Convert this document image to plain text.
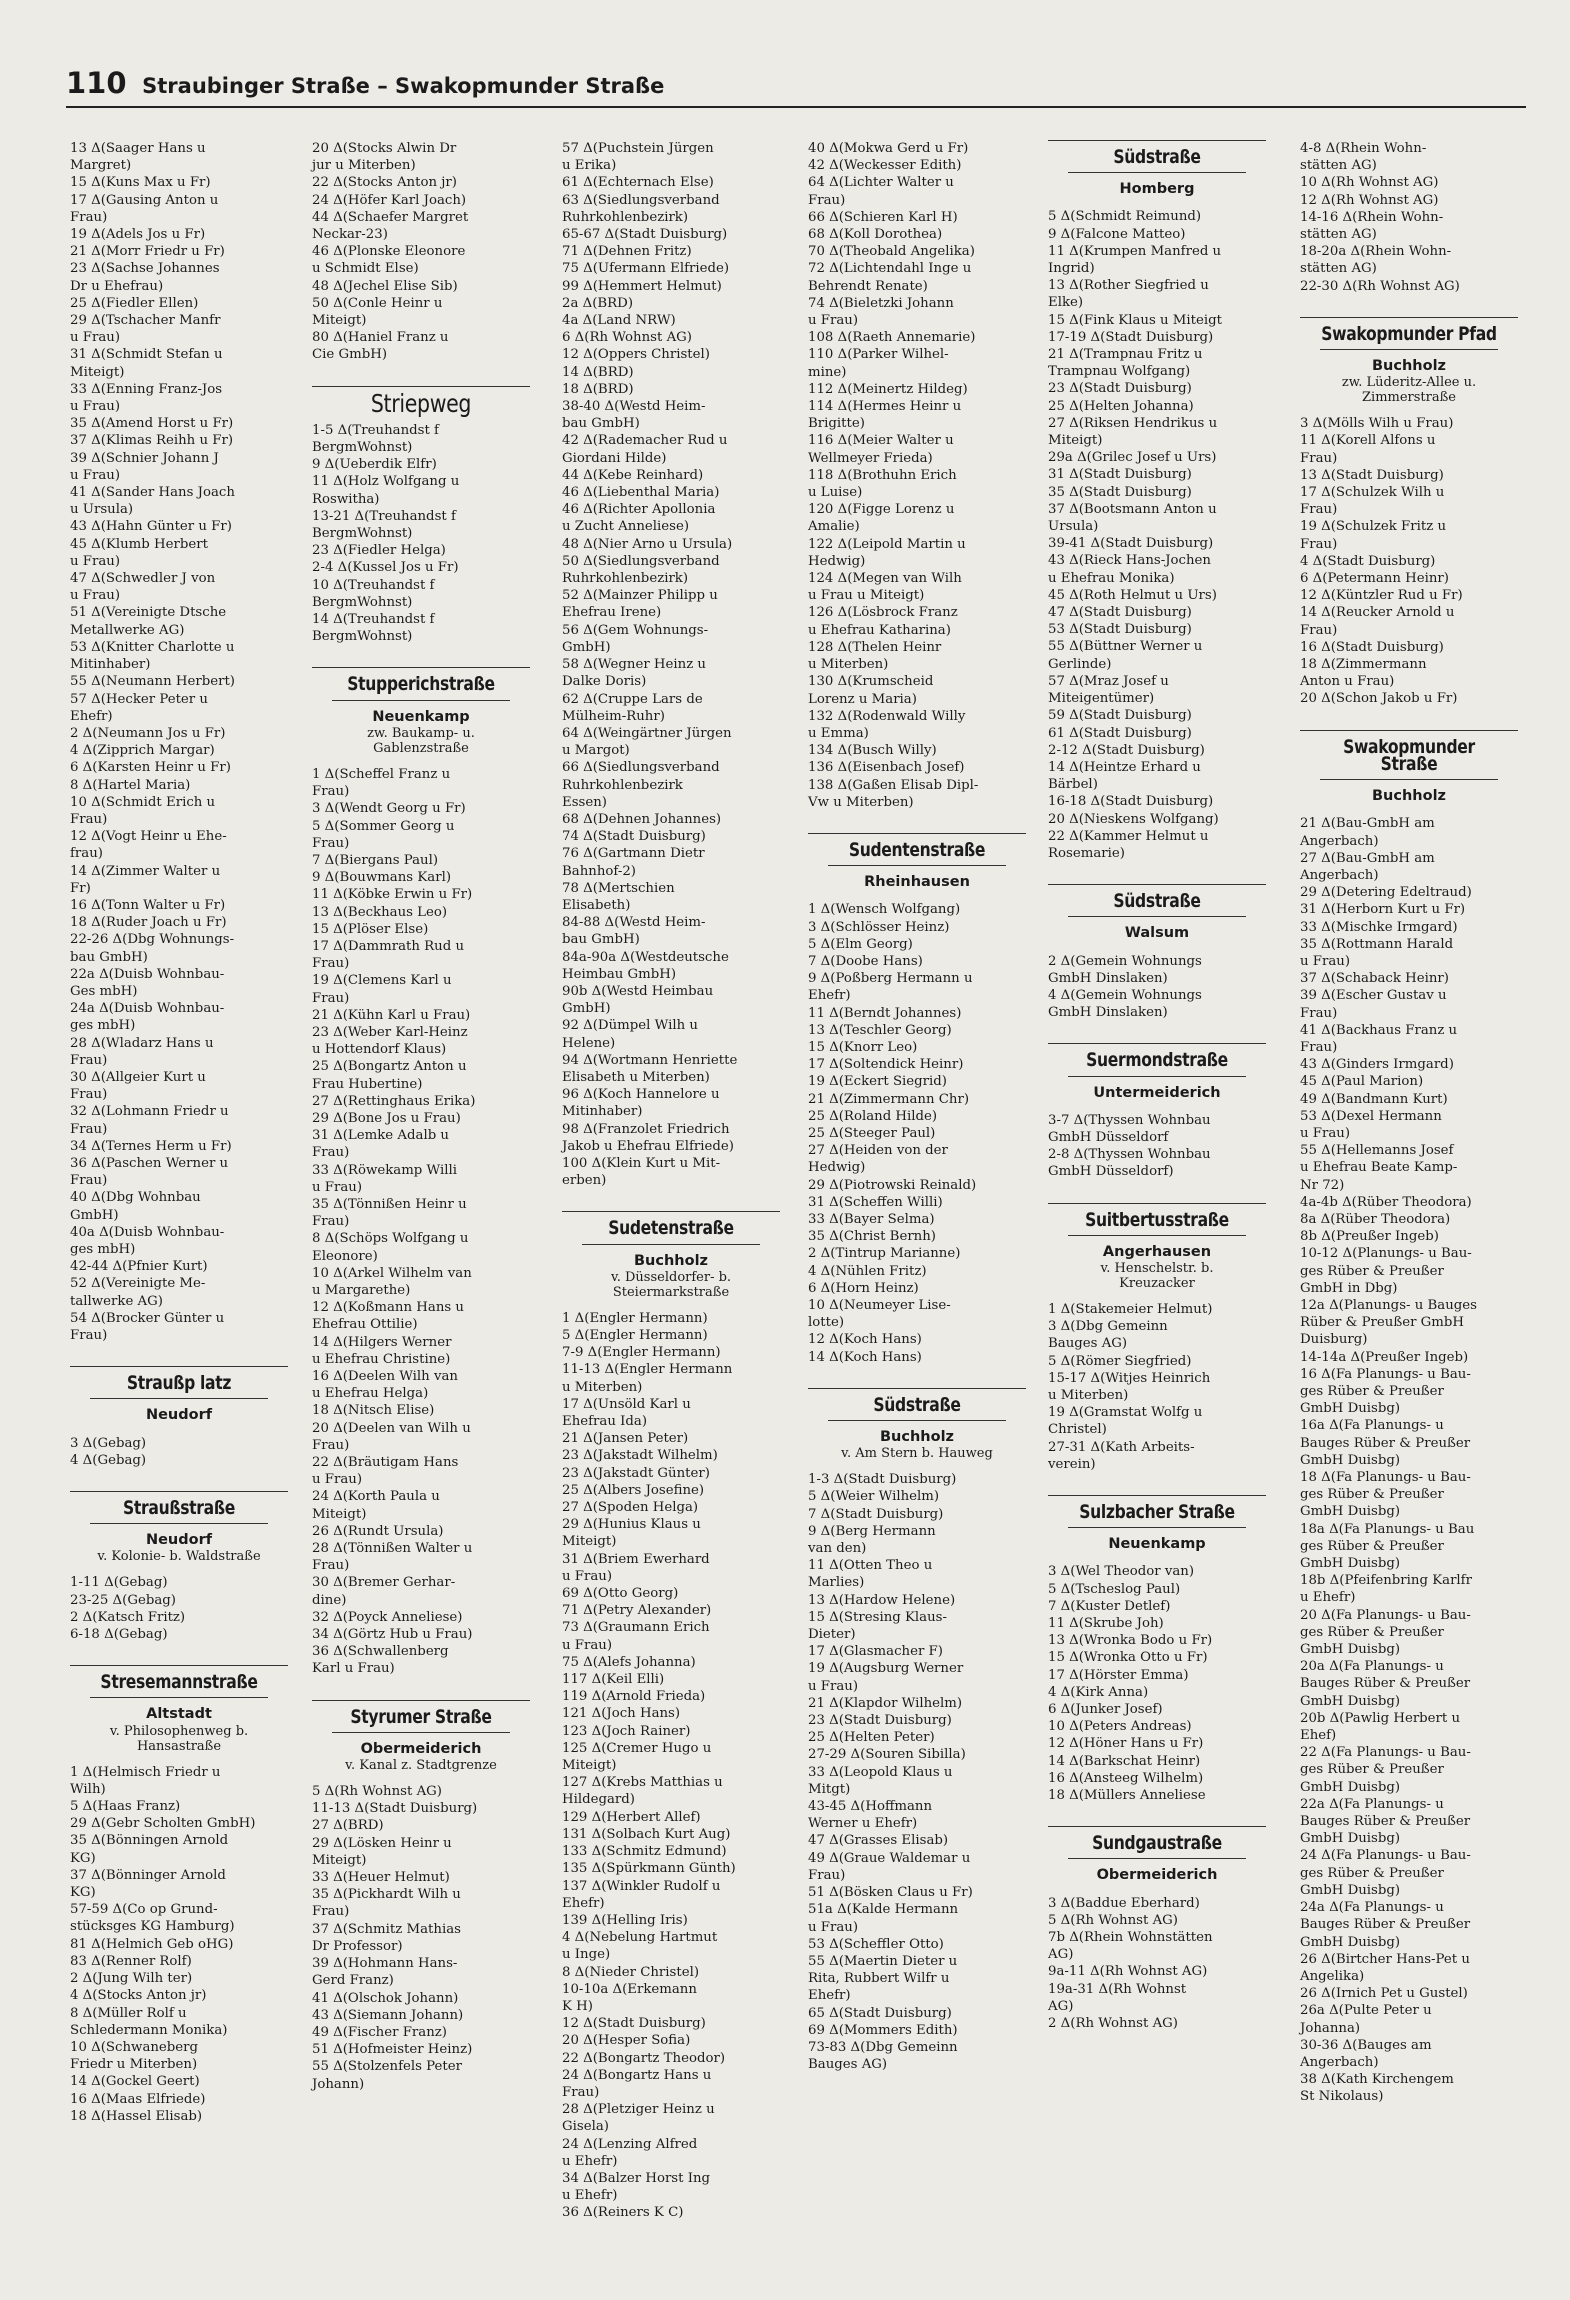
110 Straubinger Straße – Swakopmunder Straße
13 Δ(Saager Hans u
Margret)
15 Δ(Kuns Max u Fr)
17 Δ(Gausing Anton u
Frau)
19 Δ(Adels Jos u Fr)
21 Δ(Morr Friedr u Fr)
23 Δ(Sachse Johannes
Dr u Ehefrau)
25 Δ(Fiedler Ellen)
29 Δ(Tschacher Manfr
u Frau)
31 Δ(Schmidt Stefan u
Miteigt)
33 Δ(Enning Franz-Jos
u Frau)
35 Δ(Amend Horst u Fr)
37 Δ(Klimas Reihh u Fr)
39 Δ(Schnier Johann J
u Frau)
41 Δ(Sander Hans Joach
u Ursula)
43 Δ(Hahn Günter u Fr)
45 Δ(Klumb Herbert
u Frau)
47 Δ(Schwedler J von
u Frau)
51 Δ(Vereinigte Dtsche
Metallwerke AG)
53 Δ(Knitter Charlotte u
Mitinhaber)
55 Δ(Neumann Herbert)
57 Δ(Hecker Peter u
Ehefr)
2 Δ(Neumann Jos u Fr)
4 Δ(Zipprich Margar)
6 Δ(Karsten Heinr u Fr)
8 Δ(Hartel Maria)
10 Δ(Schmidt Erich u
Frau)
12 Δ(Vogt Heinr u Ehe-
frau)
14 Δ(Zimmer Walter u
Fr)
16 Δ(Tonn Walter u Fr)
18 Δ(Ruder Joach u Fr)
22-26 Δ(Dbg Wohnungs-
bau GmbH)
22a Δ(Duisb Wohnbau-
Ges mbH)
24a Δ(Duisb Wohnbau-
ges mbH)
28 Δ(Wladarz Hans u
Frau)
30 Δ(Allgeier Kurt u
Frau)
32 Δ(Lohmann Friedr u
Frau)
34 Δ(Ternes Herm u Fr)
36 Δ(Paschen Werner u
Frau)
40 Δ(Dbg Wohnbau
GmbH)
40a Δ(Duisb Wohnbau-
ges mbH)
42-44 Δ(Pfnier Kurt)
52 Δ(Vereinigte Me-
tallwerke AG)
54 Δ(Brocker Günter u
Frau)
Straußp latz
Neudorf
3 Δ(Gebag)
4 Δ(Gebag)
Straußstraße
Neudorf
v. Kolonie- b. Waldstraße
1-11 Δ(Gebag)
23-25 Δ(Gebag)
2 Δ(Katsch Fritz)
6-18 Δ(Gebag)
Stresemannstraße
Altstadt
v. Philosophenweg b.
Hansastraße
1 Δ(Helmisch Friedr u
Wilh)
5 Δ(Haas Franz)
29 Δ(Gebr Scholten GmbH)
35 Δ(Bönningen Arnold
KG)
37 Δ(Bönninger Arnold
KG)
57-59 Δ(Co op Grund-
stücksges KG Hamburg)
81 Δ(Helmich Geb oHG)
83 Δ(Renner Rolf)
2 Δ(Jung Wilh ter)
4 Δ(Stocks Anton jr)
8 Δ(Müller Rolf u
Schledermann Monika)
10 Δ(Schwaneberg
Friedr u Miterben)
14 Δ(Gockel Geert)
16 Δ(Maas Elfriede)
18 Δ(Hassel Elisab)
20 Δ(Stocks Alwin Dr
jur u Miterben)
22 Δ(Stocks Anton jr)
24 Δ(Höfer Karl Joach)
44 Δ(Schaefer Margret
Neckar-23)
46 Δ(Plonske Eleonore
u Schmidt Else)
48 Δ(Jechel Elise Sib)
50 Δ(Conle Heinr u
Miteigt)
80 Δ(Haniel Franz u
Cie GmbH)
Striepweg
1-5 Δ(Treuhandst f
BergmWohnst)
9 Δ(Ueberdik Elfr)
11 Δ(Holz Wolfgang u
Roswitha)
13-21 Δ(Treuhandst f
BergmWohnst)
23 Δ(Fiedler Helga)
2-4 Δ(Kussel Jos u Fr)
10 Δ(Treuhandst f
BergmWohnst)
14 Δ(Treuhandst f
BergmWohnst)
Stupperichstraße
Neuenkamp
zw. Baukamp- u.
Gablenzstraße
1 Δ(Scheffel Franz u
Frau)
3 Δ(Wendt Georg u Fr)
5 Δ(Sommer Georg u
Frau)
7 Δ(Biergans Paul)
9 Δ(Bouwmans Karl)
11 Δ(Köbke Erwin u Fr)
13 Δ(Beckhaus Leo)
15 Δ(Plöser Else)
17 Δ(Dammrath Rud u
Frau)
19 Δ(Clemens Karl u
Frau)
21 Δ(Kühn Karl u Frau)
23 Δ(Weber Karl-Heinz
u Hottendorf Klaus)
25 Δ(Bongartz Anton u
Frau Hubertine)
27 Δ(Rettinghaus Erika)
29 Δ(Bone Jos u Frau)
31 Δ(Lemke Adalb u
Frau)
33 Δ(Röwekamp Willi
u Frau)
35 Δ(Tönnißen Heinr u
Frau)
8 Δ(Schöps Wolfgang u
Eleonore)
10 Δ(Arkel Wilhelm van
u Margarethe)
12 Δ(Koßmann Hans u
Ehefrau Ottilie)
14 Δ(Hilgers Werner
u Ehefrau Christine)
16 Δ(Deelen Wilh van
u Ehefrau Helga)
18 Δ(Nitsch Elise)
20 Δ(Deelen van Wilh u
Frau)
22 Δ(Bräutigam Hans
u Frau)
24 Δ(Korth Paula u
Miteigt)
26 Δ(Rundt Ursula)
28 Δ(Tönnißen Walter u
Frau)
30 Δ(Bremer Gerhar-
dine)
32 Δ(Poyck Anneliese)
34 Δ(Görtz Hub u Frau)
36 Δ(Schwallenberg
Karl u Frau)
Styrumer Straße
Obermeiderich
v. Kanal z. Stadtgrenze
5 Δ(Rh Wohnst AG)
11-13 Δ(Stadt Duisburg)
27 Δ(BRD)
29 Δ(Lösken Heinr u
Miteigt)
33 Δ(Heuer Helmut)
35 Δ(Pickhardt Wilh u
Frau)
37 Δ(Schmitz Mathias
Dr Professor)
39 Δ(Hohmann Hans-
Gerd Franz)
41 Δ(Olschok Johann)
43 Δ(Siemann Johann)
49 Δ(Fischer Franz)
51 Δ(Hofmeister Heinz)
55 Δ(Stolzenfels Peter
Johann)
57 Δ(Puchstein Jürgen
u Erika)
61 Δ(Echternach Else)
63 Δ(Siedlungsverband
Ruhrkohlenbezirk)
65-67 Δ(Stadt Duisburg)
71 Δ(Dehnen Fritz)
75 Δ(Ufermann Elfriede)
99 Δ(Hemmert Helmut)
2a Δ(BRD)
4a Δ(Land NRW)
6 Δ(Rh Wohnst AG)
12 Δ(Oppers Christel)
14 Δ(BRD)
18 Δ(BRD)
38-40 Δ(Westd Heim-
bau GmbH)
42 Δ(Rademacher Rud u
Giordani Hilde)
44 Δ(Kebe Reinhard)
46 Δ(Liebenthal Maria)
46 Δ(Richter Apollonia
u Zucht Anneliese)
48 Δ(Nier Arno u Ursula)
50 Δ(Siedlungsverband
Ruhrkohlenbezirk)
52 Δ(Mainzer Philipp u
Ehefrau Irene)
56 Δ(Gem Wohnungs-
GmbH)
58 Δ(Wegner Heinz u
Dalke Doris)
62 Δ(Cruppe Lars de
Mülheim-Ruhr)
64 Δ(Weingärtner Jürgen
u Margot)
66 Δ(Siedlungsverband
Ruhrkohlenbezirk
Essen)
68 Δ(Dehnen Johannes)
74 Δ(Stadt Duisburg)
76 Δ(Gartmann Dietr
Bahnhof-2)
78 Δ(Mertschien
Elisabeth)
84-88 Δ(Westd Heim-
bau GmbH)
84a-90a Δ(Westdeutsche
Heimbau GmbH)
90b Δ(Westd Heimbau
GmbH)
92 Δ(Dümpel Wilh u
Helene)
94 Δ(Wortmann Henriette
Elisabeth u Miterben)
96 Δ(Koch Hannelore u
Mitinhaber)
98 Δ(Franzolet Friedrich
Jakob u Ehefrau Elfriede)
100 Δ(Klein Kurt u Mit-
erben)
Sudetenstraße
Buchholz
v. Düsseldorfer- b.
Steiermarkstraße
1 Δ(Engler Hermann)
5 Δ(Engler Hermann)
7-9 Δ(Engler Hermann)
11-13 Δ(Engler Hermann
u Miterben)
17 Δ(Unsöld Karl u
Ehefrau Ida)
21 Δ(Jansen Peter)
23 Δ(Jakstadt Wilhelm)
23 Δ(Jakstadt Günter)
25 Δ(Albers Josefine)
27 Δ(Spoden Helga)
29 Δ(Hunius Klaus u
Miteigt)
31 Δ(Briem Ewerhard
u Frau)
69 Δ(Otto Georg)
71 Δ(Petry Alexander)
73 Δ(Graumann Erich
u Frau)
75 Δ(Alefs Johanna)
117 Δ(Keil Elli)
119 Δ(Arnold Frieda)
121 Δ(Joch Hans)
123 Δ(Joch Rainer)
125 Δ(Cremer Hugo u
Miteigt)
127 Δ(Krebs Matthias u
Hildegard)
129 Δ(Herbert Allef)
131 Δ(Solbach Kurt Aug)
133 Δ(Schmitz Edmund)
135 Δ(Spürkmann Günth)
137 Δ(Winkler Rudolf u
Ehefr)
139 Δ(Helling Iris)
4 Δ(Nebelung Hartmut
u Inge)
8 Δ(Nieder Christel)
10-10a Δ(Erkemann
K H)
12 Δ(Stadt Duisburg)
20 Δ(Hesper Sofia)
22 Δ(Bongartz Theodor)
24 Δ(Bongartz Hans u
Frau)
28 Δ(Pletziger Heinz u
Gisela)
24 Δ(Lenzing Alfred
u Ehefr)
34 Δ(Balzer Horst Ing
u Ehefr)
36 Δ(Reiners K C)
40 Δ(Mokwa Gerd u Fr)
42 Δ(Weckesser Edith)
64 Δ(Lichter Walter u
Frau)
66 Δ(Schieren Karl H)
68 Δ(Koll Dorothea)
70 Δ(Theobald Angelika)
72 Δ(Lichtendahl Inge u
Behrendt Renate)
74 Δ(Bieletzki Johann
u Frau)
108 Δ(Raeth Annemarie)
110 Δ(Parker Wilhel-
mine)
112 Δ(Meinertz Hildeg)
114 Δ(Hermes Heinr u
Brigitte)
116 Δ(Meier Walter u
Wellmeyer Frieda)
118 Δ(Brothuhn Erich
u Luise)
120 Δ(Figge Lorenz u
Amalie)
122 Δ(Leipold Martin u
Hedwig)
124 Δ(Megen van Wilh
u Frau u Miteigt)
126 Δ(Lösbrock Franz
u Ehefrau Katharina)
128 Δ(Thelen Heinr
u Miterben)
130 Δ(Krumscheid
Lorenz u Maria)
132 Δ(Rodenwald Willy
u Emma)
134 Δ(Busch Willy)
136 Δ(Eisenbach Josef)
138 Δ(Gaßen Elisab Dipl-
Vw u Miterben)
Sudentenstraße
Rheinhausen
1 Δ(Wensch Wolfgang)
3 Δ(Schlösser Heinz)
5 Δ(Elm Georg)
7 Δ(Doobe Hans)
9 Δ(Poßberg Hermann u
Ehefr)
11 Δ(Berndt Johannes)
13 Δ(Teschler Georg)
15 Δ(Knorr Leo)
17 Δ(Soltendick Heinr)
19 Δ(Eckert Siegrid)
21 Δ(Zimmermann Chr)
25 Δ(Roland Hilde)
25 Δ(Steeger Paul)
27 Δ(Heiden von der
Hedwig)
29 Δ(Piotrowski Reinald)
31 Δ(Scheffen Willi)
33 Δ(Bayer Selma)
35 Δ(Christ Bernh)
2 Δ(Tintrup Marianne)
4 Δ(Nühlen Fritz)
6 Δ(Horn Heinz)
10 Δ(Neumeyer Lise-
lotte)
12 Δ(Koch Hans)
14 Δ(Koch Hans)
Südstraße
Buchholz
v. Am Stern b. Hauweg
1-3 Δ(Stadt Duisburg)
5 Δ(Weier Wilhelm)
7 Δ(Stadt Duisburg)
9 Δ(Berg Hermann
van den)
11 Δ(Otten Theo u
Marlies)
13 Δ(Hardow Helene)
15 Δ(Stresing Klaus-
Dieter)
17 Δ(Glasmacher F)
19 Δ(Augsburg Werner
u Frau)
21 Δ(Klapdor Wilhelm)
23 Δ(Stadt Duisburg)
25 Δ(Helten Peter)
27-29 Δ(Souren Sibilla)
33 Δ(Leopold Klaus u
Mitgt)
43-45 Δ(Hoffmann
Werner u Ehefr)
47 Δ(Grasses Elisab)
49 Δ(Graue Waldemar u
Frau)
51 Δ(Bösken Claus u Fr)
51a Δ(Kalde Hermann
u Frau)
53 Δ(Scheffler Otto)
55 Δ(Maertin Dieter u
Rita, Rubbert Wilfr u
Ehefr)
65 Δ(Stadt Duisburg)
69 Δ(Mommers Edith)
73-83 Δ(Dbg Gemeinn
Bauges AG)
Südstraße
Homberg
5 Δ(Schmidt Reimund)
9 Δ(Falcone Matteo)
11 Δ(Krumpen Manfred u
Ingrid)
13 Δ(Rother Siegfried u
Elke)
15 Δ(Fink Klaus u Miteigt
17-19 Δ(Stadt Duisburg)
21 Δ(Trampnau Fritz u
Trampnau Wolfgang)
23 Δ(Stadt Duisburg)
25 Δ(Helten Johanna)
27 Δ(Riksen Hendrikus u
Miteigt)
29a Δ(Grilec Josef u Urs)
31 Δ(Stadt Duisburg)
35 Δ(Stadt Duisburg)
37 Δ(Bootsmann Anton u
Ursula)
39-41 Δ(Stadt Duisburg)
43 Δ(Rieck Hans-Jochen
u Ehefrau Monika)
45 Δ(Roth Helmut u Urs)
47 Δ(Stadt Duisburg)
53 Δ(Stadt Duisburg)
55 Δ(Büttner Werner u
Gerlinde)
57 Δ(Mraz Josef u
Miteigentümer)
59 Δ(Stadt Duisburg)
61 Δ(Stadt Duisburg)
2-12 Δ(Stadt Duisburg)
14 Δ(Heintze Erhard u
Bärbel)
16-18 Δ(Stadt Duisburg)
20 Δ(Nieskens Wolfgang)
22 Δ(Kammer Helmut u
Rosemarie)
Südstraße
Walsum
2 Δ(Gemein Wohnungs
GmbH Dinslaken)
4 Δ(Gemein Wohnungs
GmbH Dinslaken)
Suermondstraße
Untermeiderich
3-7 Δ(Thyssen Wohnbau
GmbH Düsseldorf
2-8 Δ(Thyssen Wohnbau
GmbH Düsseldorf)
Suitbertusstraße
Angerhausen
v. Henschelstr. b.
Kreuzacker
1 Δ(Stakemeier Helmut)
3 Δ(Dbg Gemeinn
Bauges AG)
5 Δ(Römer Siegfried)
15-17 Δ(Witjes Heinrich
u Miterben)
19 Δ(Gramstat Wolfg u
Christel)
27-31 Δ(Kath Arbeits-
verein)
Sulzbacher Straße
Neuenkamp
3 Δ(Wel Theodor van)
5 Δ(Tscheslog Paul)
7 Δ(Kuster Detlef)
11 Δ(Skrube Joh)
13 Δ(Wronka Bodo u Fr)
15 Δ(Wronka Otto u Fr)
17 Δ(Hörster Emma)
4 Δ(Kirk Anna)
6 Δ(Junker Josef)
10 Δ(Peters Andreas)
12 Δ(Höner Hans u Fr)
14 Δ(Barkschat Heinr)
16 Δ(Ansteeg Wilhelm)
18 Δ(Müllers Anneliese
Sundgaustraße
Obermeiderich
3 Δ(Baddue Eberhard)
5 Δ(Rh Wohnst AG)
7b Δ(Rhein Wohnstätten
AG)
9a-11 Δ(Rh Wohnst AG)
19a-31 Δ(Rh Wohnst
AG)
2 Δ(Rh Wohnst AG)
4-8 Δ(Rhein Wohn-
stätten AG)
10 Δ(Rh Wohnst AG)
12 Δ(Rh Wohnst AG)
14-16 Δ(Rhein Wohn-
stätten AG)
18-20a Δ(Rhein Wohn-
stätten AG)
22-30 Δ(Rh Wohnst AG)
Swakopmunder Pfad
Buchholz
zw. Lüderitz-Allee u.
Zimmerstraße
3 Δ(Mölls Wilh u Frau)
11 Δ(Korell Alfons u
Frau)
13 Δ(Stadt Duisburg)
17 Δ(Schulzek Wilh u
Frau)
19 Δ(Schulzek Fritz u
Frau)
4 Δ(Stadt Duisburg)
6 Δ(Petermann Heinr)
12 Δ(Küntzler Rud u Fr)
14 Δ(Reucker Arnold u
Frau)
16 Δ(Stadt Duisburg)
18 Δ(Zimmermann
Anton u Frau)
20 Δ(Schon Jakob u Fr)
Swakopmunder Straße
Buchholz
21 Δ(Bau-GmbH am
Angerbach)
27 Δ(Bau-GmbH am
Angerbach)
29 Δ(Detering Edeltraud)
31 Δ(Herborn Kurt u Fr)
33 Δ(Mischke Irmgard)
35 Δ(Rottmann Harald
u Frau)
37 Δ(Schaback Heinr)
39 Δ(Escher Gustav u
Frau)
41 Δ(Backhaus Franz u
Frau)
43 Δ(Ginders Irmgard)
45 Δ(Paul Marion)
49 Δ(Bandmann Kurt)
53 Δ(Dexel Hermann
u Frau)
55 Δ(Hellemanns Josef
u Ehefrau Beate Kamp-
Nr 72)
4a-4b Δ(Rüber Theodora)
8a Δ(Rüber Theodora)
8b Δ(Preußer Ingeb)
10-12 Δ(Planungs- u Bau-
ges Rüber & Preußer
GmbH in Dbg)
12a Δ(Planungs- u Bauges
Rüber & Preußer GmbH
Duisburg)
14-14a Δ(Preußer Ingeb)
16 Δ(Fa Planungs- u Bau-
ges Rüber & Preußer
GmbH Duisbg)
16a Δ(Fa Planungs- u
Bauges Rüber & Preußer
GmbH Duisbg)
18 Δ(Fa Planungs- u Bau-
ges Rüber & Preußer
GmbH Duisbg)
18a Δ(Fa Planungs- u Bau
ges Rüber & Preußer
GmbH Duisbg)
18b Δ(Pfeifenbring Karlfr
u Ehefr)
20 Δ(Fa Planungs- u Bau-
ges Rüber & Preußer
GmbH Duisbg)
20a Δ(Fa Planungs- u
Bauges Rüber & Preußer
GmbH Duisbg)
20b Δ(Pawlig Herbert u
Ehef)
22 Δ(Fa Planungs- u Bau-
ges Rüber & Preußer
GmbH Duisbg)
22a Δ(Fa Planungs- u
Bauges Rüber & Preußer
GmbH Duisbg)
24 Δ(Fa Planungs- u Bau-
ges Rüber & Preußer
GmbH Duisbg)
24a Δ(Fa Planungs- u
Bauges Rüber & Preußer
GmbH Duisbg)
26 Δ(Birtcher Hans-Pet u
Angelika)
26 Δ(Irnich Pet u Gustel)
26a Δ(Pulte Peter u
Johanna)
30-36 Δ(Bauges am
Angerbach)
38 Δ(Kath Kirchengem
St Nikolaus)
